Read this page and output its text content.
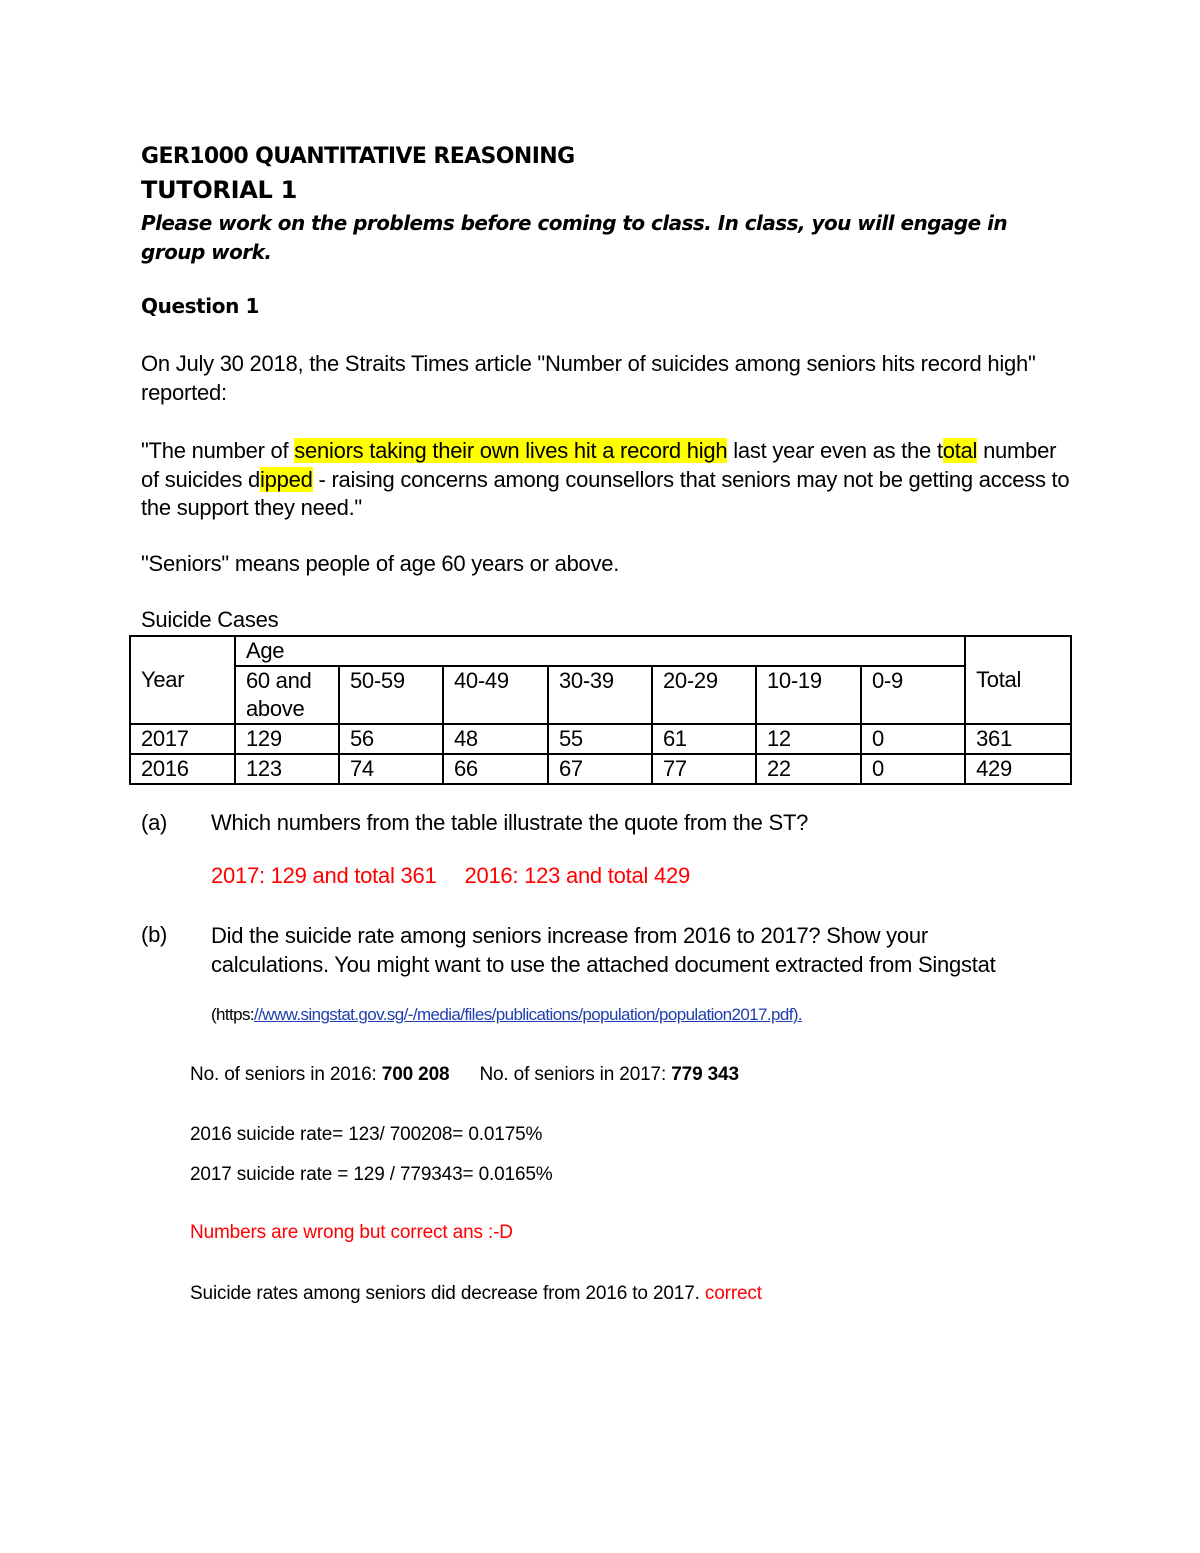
GER1000 QUANTITATIVE REASONING
TUTORIAL 1
Please work on the problems before coming to class. In class, you will engage in group work.
Question 1
On July 30 2018, the Straits Times article "Number of suicides among seniors hits record high" reported:
"The number of seniors taking their own lives hit a record high last year even as the total number of suicides dipped - raising concerns among counsellors that seniors may not be getting access to the support they need."
"Seniors" means people of age 60 years or above.
Suicide Cases
Year	Age							Total
	60 and above	50-59	40-49	30-39	20-29	10-19	0-9	
2017	129	56	48	55	61	12	0	361
2016	123	74	66	67	77	22	0	429
(a) Which numbers from the table illustrate the quote from the ST?
2017: 129 and total 361 2016: 123 and total 429
(b) Did the suicide rate among seniors increase from 2016 to 2017? Show your calculations. You might want to use the attached document extracted from Singstat
(https://www.singstat.gov.sg/-/media/files/publications/population/population2017.pdf).
No. of seniors in 2016: 700 208 No. of seniors in 2017: 779 343
2016 suicide rate= 123/ 700208= 0.0175%
2017 suicide rate = 129 / 779343= 0.0165%
Numbers are wrong but correct ans :-D
Suicide rates among seniors did decrease from 2016 to 2017. correct
